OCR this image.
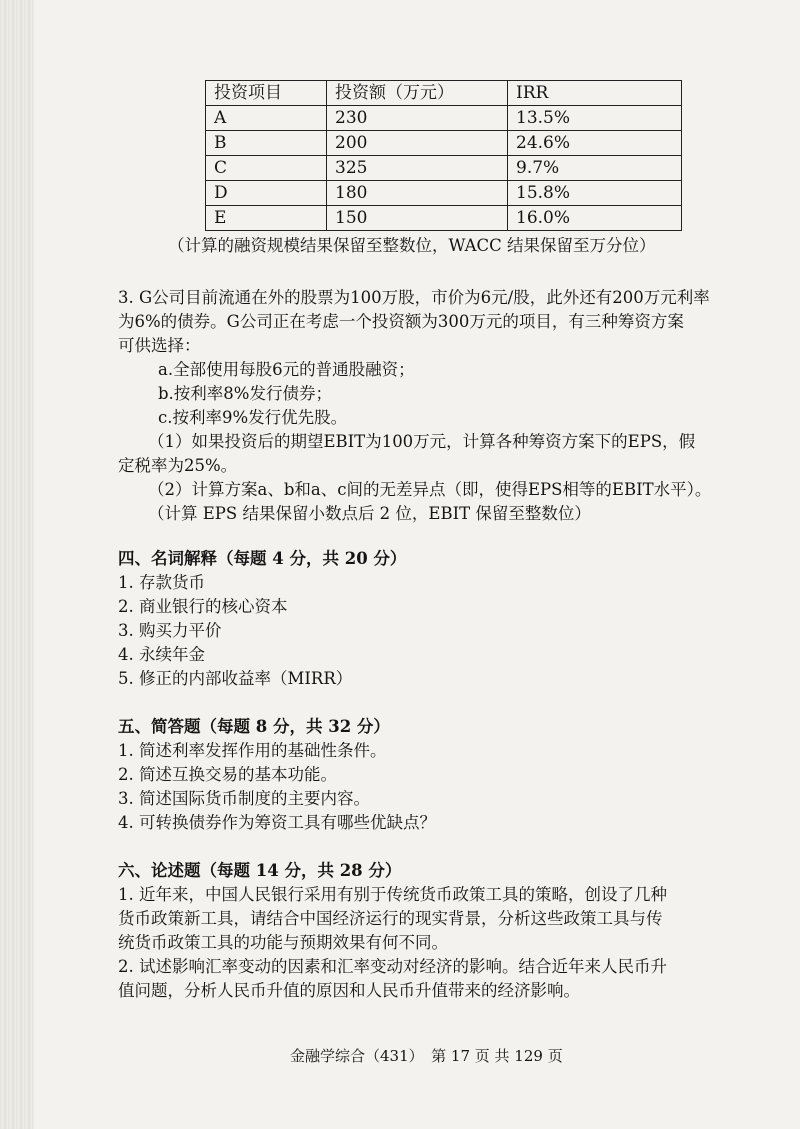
投资项目	投资额（万元）	IRR
A	230	13.5%
B	200	24.6%
C	325	9.7%
D	180	15.8%
E	150	16.0%
（计算的融资规模结果保留至整数位，WACC 结果保留至万分位）
3. G公司目前流通在外的股票为100万股，市价为6元/股，此外还有200万元利率
为6%的债券。G公司正在考虑一个投资额为300万元的项目，有三种筹资方案
可供选择：
a.全部使用每股6元的普通股融资；
b.按利率8%发行债券；
c.按利率9%发行优先股。
（1）如果投资后的期望EBIT为100万元，计算各种筹资方案下的EPS，假
定税率为25%。
（2）计算方案a、b和a、c间的无差异点（即，使得EPS相等的EBIT水平）。
（计算 EPS 结果保留小数点后 2 位，EBIT 保留至整数位）
四、名词解释（每题 4 分，共 20 分）
1. 存款货币
2. 商业银行的核心资本
3. 购买力平价
4. 永续年金
5. 修正的内部收益率（MIRR）
五、简答题（每题 8 分，共 32 分）
1. 简述利率发挥作用的基础性条件。
2. 简述互换交易的基本功能。
3. 简述国际货币制度的主要内容。
4. 可转换债券作为筹资工具有哪些优缺点？
六、论述题（每题 14 分，共 28 分）
1. 近年来，中国人民银行采用有别于传统货币政策工具的策略，创设了几种
货币政策新工具，请结合中国经济运行的现实背景，分析这些政策工具与传
统货币政策工具的功能与预期效果有何不同。
2. 试述影响汇率变动的因素和汇率变动对经济的影响。结合近年来人民币升
值问题，分析人民币升值的原因和人民币升值带来的经济影响。
金融学综合（431）　第 17 页 共 129 页
